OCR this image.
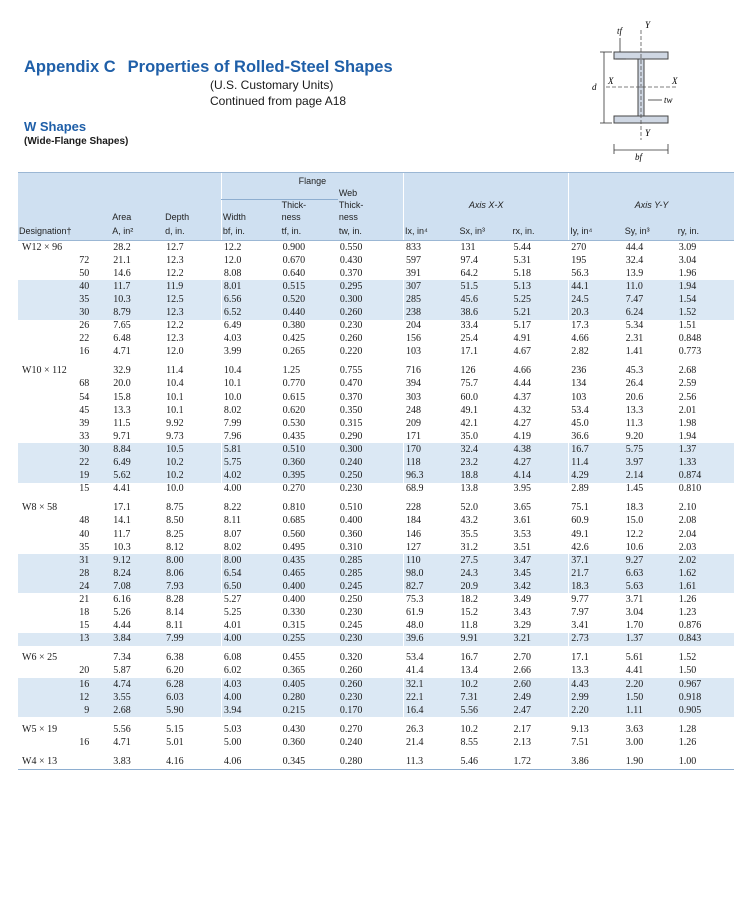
Appendix C Properties of Rolled-Steel Shapes
(U.S. Customary Units)
Continued from page A18
W Shapes
(Wide-Flange Shapes)
tf
Y
d
X	X
tw
Y
bf
			Flange								
					Web						
				Thick-	Thick-	Axis X-X			Axis Y-Y		
	Area	Depth	Width	ness	ness						
Designation†	A, in²	d, in.	bf, in.	tf, in.	tw, in.	Ix, in⁴	Sx, in³	rx, in.	Iy, in⁴	Sy, in³	ry, in.
W12 × 96	28.2	12.7	12.2	0.900	0.550	833	131	5.44	270	44.4	3.09
72	21.1	12.3	12.0	0.670	0.430	597	97.4	5.31	195	32.4	3.04
50	14.6	12.2	8.08	0.640	0.370	391	64.2	5.18	56.3	13.9	1.96
40	11.7	11.9	8.01	0.515	0.295	307	51.5	5.13	44.1	11.0	1.94
35	10.3	12.5	6.56	0.520	0.300	285	45.6	5.25	24.5	7.47	1.54
30	8.79	12.3	6.52	0.440	0.260	238	38.6	5.21	20.3	6.24	1.52
26	7.65	12.2	6.49	0.380	0.230	204	33.4	5.17	17.3	5.34	1.51
22	6.48	12.3	4.03	0.425	0.260	156	25.4	4.91	4.66	2.31	0.848
16	4.71	12.0	3.99	0.265	0.220	103	17.1	4.67	2.82	1.41	0.773

W10 × 112	32.9	11.4	10.4	1.25	0.755	716	126	4.66	236	45.3	2.68
68	20.0	10.4	10.1	0.770	0.470	394	75.7	4.44	134	26.4	2.59
54	15.8	10.1	10.0	0.615	0.370	303	60.0	4.37	103	20.6	2.56
45	13.3	10.1	8.02	0.620	0.350	248	49.1	4.32	53.4	13.3	2.01
39	11.5	9.92	7.99	0.530	0.315	209	42.1	4.27	45.0	11.3	1.98
33	9.71	9.73	7.96	0.435	0.290	171	35.0	4.19	36.6	9.20	1.94
30	8.84	10.5	5.81	0.510	0.300	170	32.4	4.38	16.7	5.75	1.37
22	6.49	10.2	5.75	0.360	0.240	118	23.2	4.27	11.4	3.97	1.33
19	5.62	10.2	4.02	0.395	0.250	96.3	18.8	4.14	4.29	2.14	0.874
15	4.41	10.0	4.00	0.270	0.230	68.9	13.8	3.95	2.89	1.45	0.810

W8 × 58	17.1	8.75	8.22	0.810	0.510	228	52.0	3.65	75.1	18.3	2.10
48	14.1	8.50	8.11	0.685	0.400	184	43.2	3.61	60.9	15.0	2.08
40	11.7	8.25	8.07	0.560	0.360	146	35.5	3.53	49.1	12.2	2.04
35	10.3	8.12	8.02	0.495	0.310	127	31.2	3.51	42.6	10.6	2.03
31	9.12	8.00	8.00	0.435	0.285	110	27.5	3.47	37.1	9.27	2.02
28	8.24	8.06	6.54	0.465	0.285	98.0	24.3	3.45	21.7	6.63	1.62
24	7.08	7.93	6.50	0.400	0.245	82.7	20.9	3.42	18.3	5.63	1.61
21	6.16	8.28	5.27	0.400	0.250	75.3	18.2	3.49	9.77	3.71	1.26
18	5.26	8.14	5.25	0.330	0.230	61.9	15.2	3.43	7.97	3.04	1.23
15	4.44	8.11	4.01	0.315	0.245	48.0	11.8	3.29	3.41	1.70	0.876
13	3.84	7.99	4.00	0.255	0.230	39.6	9.91	3.21	2.73	1.37	0.843

W6 × 25	7.34	6.38	6.08	0.455	0.320	53.4	16.7	2.70	17.1	5.61	1.52
20	5.87	6.20	6.02	0.365	0.260	41.4	13.4	2.66	13.3	4.41	1.50
16	4.74	6.28	4.03	0.405	0.260	32.1	10.2	2.60	4.43	2.20	0.967
12	3.55	6.03	4.00	0.280	0.230	22.1	7.31	2.49	2.99	1.50	0.918
9	2.68	5.90	3.94	0.215	0.170	16.4	5.56	2.47	2.20	1.11	0.905

W5 × 19	5.56	5.15	5.03	0.430	0.270	26.3	10.2	2.17	9.13	3.63	1.28
16	4.71	5.01	5.00	0.360	0.240	21.4	8.55	2.13	7.51	3.00	1.26

W4 × 13	3.83	4.16	4.06	0.345	0.280	11.3	5.46	1.72	3.86	1.90	1.00
